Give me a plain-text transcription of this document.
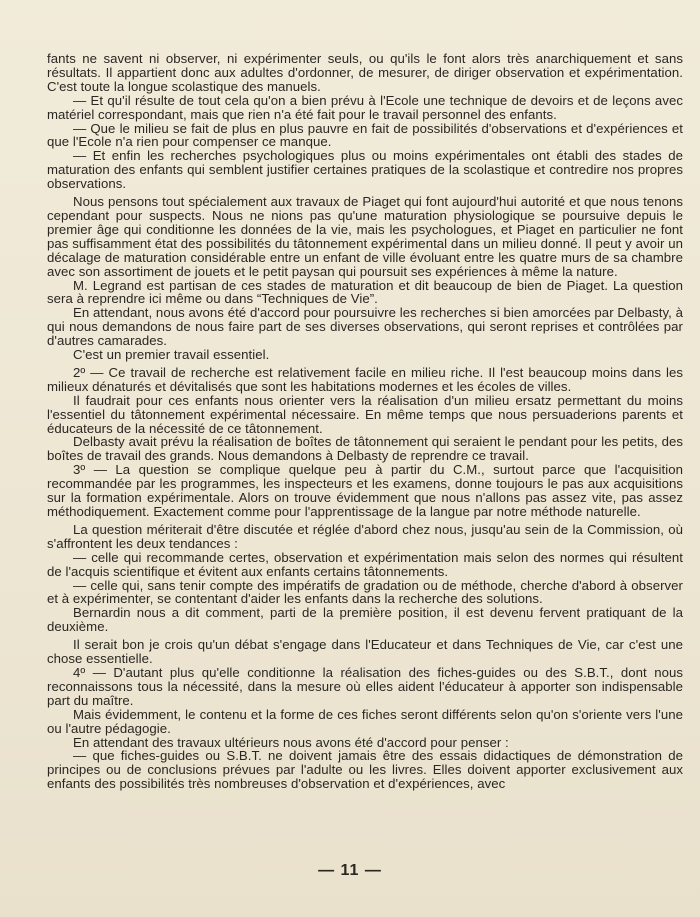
fants ne savent ni observer, ni expérimenter seuls, ou qu'ils le font alors très anarchiquement et sans résultats. Il appartient donc aux adultes d'ordonner, de mesurer, de diriger observation et expérimentation. C'est toute la longue scolastique des manuels.

— Et qu'il résulte de tout cela qu'on a bien prévu à l'Ecole une technique de devoirs et de leçons avec matériel correspondant, mais que rien n'a été fait pour le travail personnel des enfants.

— Que le milieu se fait de plus en plus pauvre en fait de possibilités d'observations et d'expériences et que l'Ecole n'a rien pour compenser ce manque.

— Et enfin les recherches psychologiques plus ou moins expérimentales ont établi des stades de maturation des enfants qui semblent justifier certaines pratiques de la scolastique et contredire nos propres observations.

Nous pensons tout spécialement aux travaux de Piaget qui font aujourd'hui autorité et que nous tenons cependant pour suspects. Nous ne nions pas qu'une maturation physiologique se poursuive depuis le premier âge qui conditionne les données de la vie, mais les psychologues, et Piaget en particulier ne font pas suffisamment état des possibilités du tâtonnement expérimental dans un milieu donné. Il peut y avoir un décalage de maturation considérable entre un enfant de ville évoluant entre les quatre murs de sa chambre avec son assortiment de jouets et le petit paysan qui poursuit ses expériences à même la nature.

M. Legrand est partisan de ces stades de maturation et dit beaucoup de bien de Piaget. La question sera à reprendre ici même ou dans “Techniques de Vie”.

En attendant, nous avons été d'accord pour poursuivre les recherches si bien amorcées par Delbasty, à qui nous demandons de nous faire part de ses diverses observations, qui seront reprises et contrôlées par d'autres camarades.

C'est un premier travail essentiel.

2º — Ce travail de recherche est relativement facile en milieu riche. Il l'est beaucoup moins dans les milieux dénaturés et dévitalisés que sont les habitations modernes et les écoles de villes.

Il faudrait pour ces enfants nous orienter vers la réalisation d'un milieu ersatz permettant du moins l'essentiel du tâtonnement expérimental nécessaire. En même temps que nous persuaderions parents et éducateurs de la nécessité de ce tâtonnement.

Delbasty avait prévu la réalisation de boîtes de tâtonnement qui seraient le pendant pour les petits, des boîtes de travail des grands. Nous demandons à Delbasty de reprendre ce travail.

3º — La question se complique quelque peu à partir du C.M., surtout parce que l'acquisition recommandée par les programmes, les inspecteurs et les examens, donne toujours le pas aux acquisitions sur la formation expérimentale. Alors on trouve évidemment que nous n'allons pas assez vite, pas assez méthodiquement. Exactement comme pour l'apprentissage de la langue par notre méthode naturelle.

La question mériterait d'être discutée et réglée d'abord chez nous, jusqu'au sein de la Commission, où s'affrontent les deux tendances :

— celle qui recommande certes, observation et expérimentation mais selon des normes qui résultent de l'acquis scientifique et évitent aux enfants certains tâtonnements.

— celle qui, sans tenir compte des impératifs de gradation ou de méthode, cherche d'abord à observer et à expérimenter, se contentant d'aider les enfants dans la recherche des solutions.

Bernardin nous a dit comment, parti de la première position, il est devenu fervent pratiquant de la deuxième.

Il serait bon je crois qu'un débat s'engage dans l'Educateur et dans Techniques de Vie, car c'est une chose essentielle.

4º — D'autant plus qu'elle conditionne la réalisation des fiches-guides ou des S.B.T., dont nous reconnaissons tous la nécessité, dans la mesure où elles aident l'éducateur à apporter son indispensable part du maître.

Mais évidemment, le contenu et la forme de ces fiches seront différents selon qu'on s'oriente vers l'une ou l'autre pédagogie.

En attendant des travaux ultérieurs nous avons été d'accord pour penser :

— que fiches-guides ou S.B.T. ne doivent jamais être des essais didactiques de démonstration de principes ou de conclusions prévues par l'adulte ou les livres. Elles doivent apporter exclusivement aux enfants des possibilités très nombreuses d'observation et d'expériences, avec

— 11 —
